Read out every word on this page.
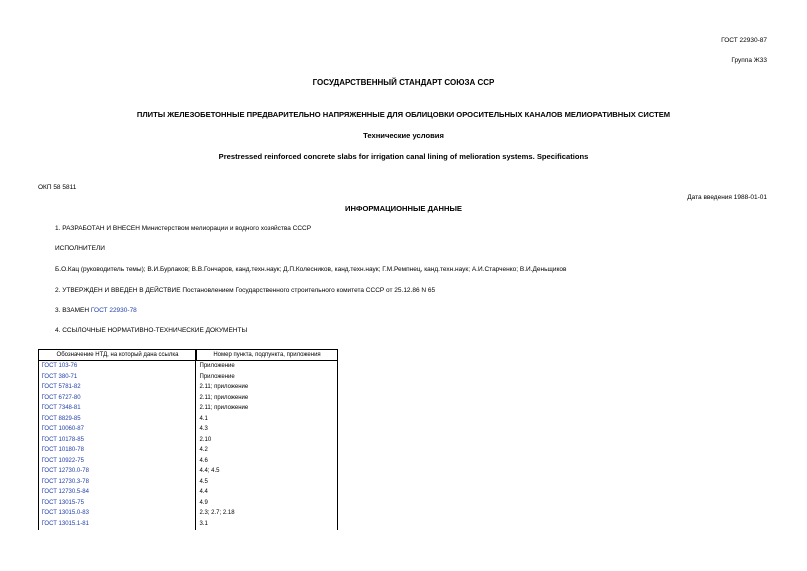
ГОСТ 22930-87
Группа Ж33
ГОСУДАРСТВЕННЫЙ СТАНДАРТ СОЮЗА ССР
ПЛИТЫ ЖЕЛЕЗОБЕТОННЫЕ ПРЕДВАРИТЕЛЬНО НАПРЯЖЕННЫЕ ДЛЯ ОБЛИЦОВКИ ОРОСИТЕЛЬНЫХ КАНАЛОВ МЕЛИОРАТИВНЫХ СИСТЕМ
Технические условия
Prestressed reinforced concrete slabs for irrigation canal lining of melioration systems. Specifications
ОКП 58 5811
Дата введения 1988-01-01
ИНФОРМАЦИОННЫЕ ДАННЫЕ
1. РАЗРАБОТАН И ВНЕСЕН Министерством мелиорации и водного хозяйства СССР
ИСПОЛНИТЕЛИ
Б.О.Кац (руководитель темы); В.И.Бурлаков; В.В.Гончаров, канд.техн.наук; Д.П.Колесников, канд.техн.наук; Г.М.Ремпнец, канд.техн.наук; А.И.Старченко; В.И.Деньщиков
2. УТВЕРЖДЕН И ВВЕДЕН В ДЕЙСТВИЕ Постановлением Государственного строительного комитета СССР от 25.12.86 N 65
3. ВЗАМЕН ГОСТ 22930-78
4. ССЫЛОЧНЫЕ НОРМАТИВНО-ТЕХНИЧЕСКИЕ ДОКУМЕНТЫ
Обозначение НТД, на который дана ссылка	Номер пункта, подпункта, приложения
ГОСТ 103-76	Приложение
ГОСТ 380-71	Приложение
ГОСТ 5781-82	2.11; приложение
ГОСТ 6727-80	2.11; приложение
ГОСТ 7348-81	2.11; приложение
ГОСТ 8829-85	4.1
ГОСТ 10060-87	4.3
ГОСТ 10178-85	2.10
ГОСТ 10180-78	4.2
ГОСТ 10922-75	4.6
ГОСТ 12730.0-78	4.4; 4.5
ГОСТ 12730.3-78	4.5
ГОСТ 12730.5-84	4.4
ГОСТ 13015-75	4.9
ГОСТ 13015.0-83	2.3; 2.7; 2.18
ГОСТ 13015.1-81	3.1
